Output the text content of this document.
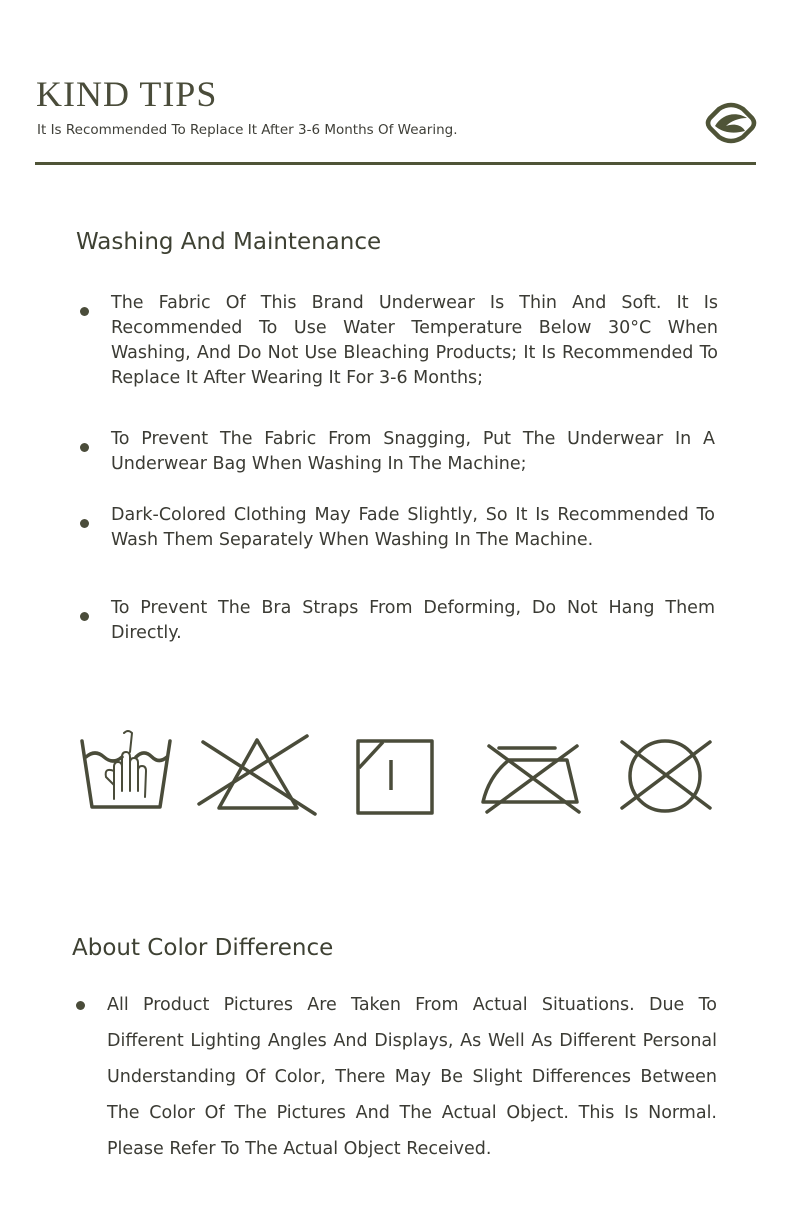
KIND TIPS
It Is Recommended To Replace It After 3-6 Months Of Wearing.
Washing And Maintenance
The Fabric Of This Brand Underwear Is Thin And Soft. It Is Recommended To Use Water Temperature Below 30°C When Washing, And Do Not Use Bleaching Products; It Is Recommended To Replace It After Wearing It For 3-6 Months;
To Prevent The Fabric From Snagging, Put The Underwear In A Underwear Bag When Washing In The Machine;
Dark-Colored Clothing May Fade Slightly, So It Is Recommended To Wash Them Separately When Washing In The Machine.
To Prevent The Bra Straps From Deforming, Do Not Hang Them Directly.
About Color Difference
All Product Pictures Are Taken From Actual Situations. Due To Different Lighting Angles And Displays, As Well As Different Personal Understanding Of Color, There May Be Slight Differences Between The Color Of The Pictures And The Actual Object. This Is Normal. Please Refer To The Actual Object Received.
